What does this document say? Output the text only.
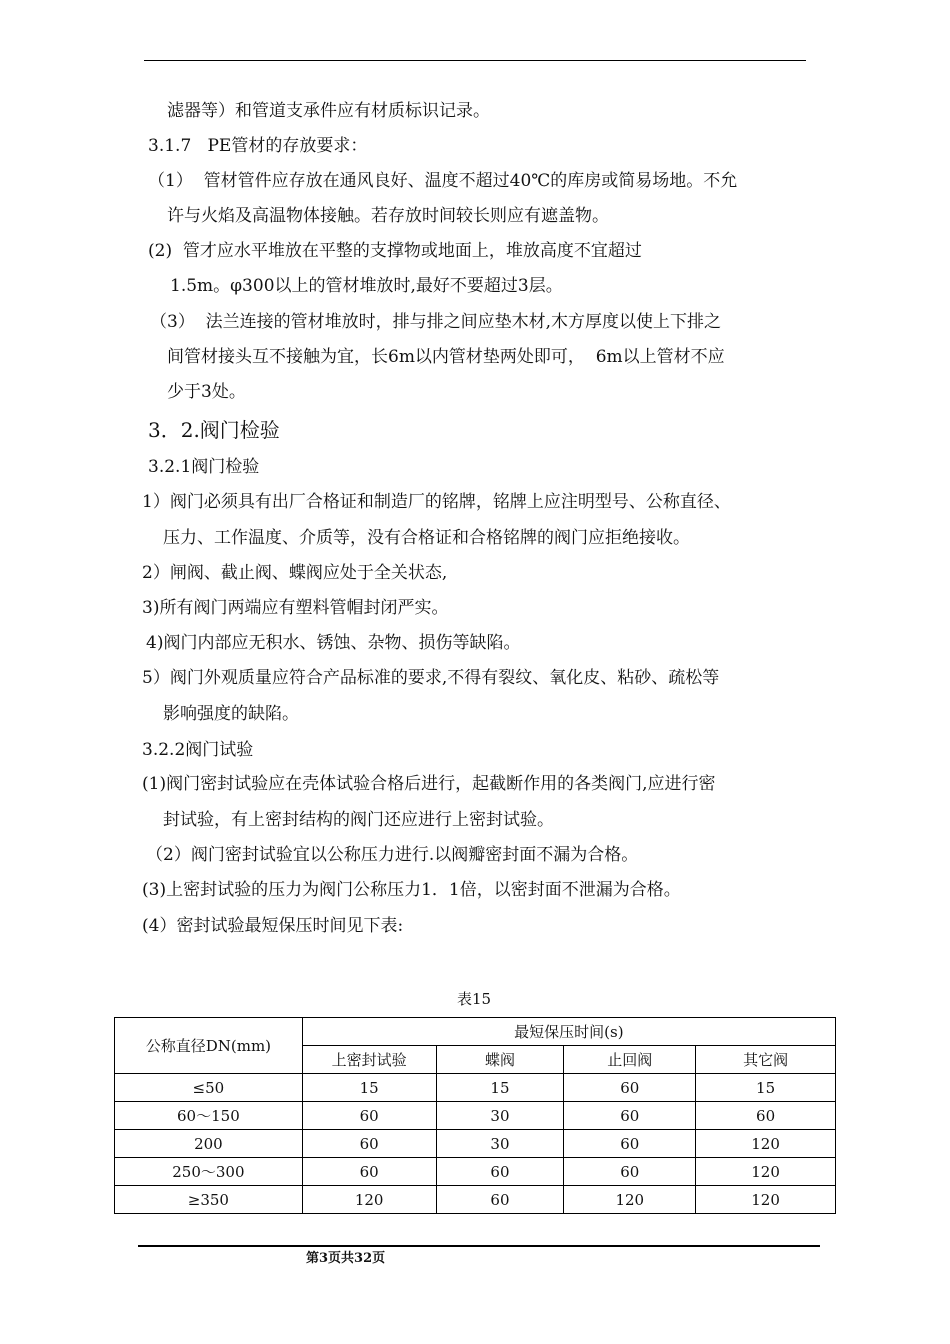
滤器等）和管道支承件应有材质标识记录。
3.1.7   PE管材的存放要求：
（1）  管材管件应存放在通风良好、温度不超过40℃的库房或简易场地。不允
许与火焰及高温物体接触。若存放时间较长则应有遮盖物。
(2)  管才应水平堆放在平整的支撑物或地面上，堆放高度不宜超过
1.5m。φ300以上的管材堆放时,最好不要超过3层。
（3）  法兰连接的管材堆放时，排与排之间应垫木材,木方厚度以使上下排之
间管材接头互不接触为宜，长6m以内管材垫两处即可，  6m以上管材不应
少于3处。
3．2.阀门检验
3.2.1阀门检验
1）阀门必须具有出厂合格证和制造厂的铭牌，铭牌上应注明型号、公称直径、
压力、工作温度、介质等，没有合格证和合格铭牌的阀门应拒绝接收。
2）闸阀、截止阀、蝶阀应处于全关状态,
3)所有阀门两端应有塑料管帽封闭严实。
4)阀门内部应无积水、锈蚀、杂物、损伤等缺陷。
5）阀门外观质量应符合产品标准的要求,不得有裂纹、氧化皮、粘砂、疏松等
影响强度的缺陷。
3.2.2阀门试验
(1)阀门密封试验应在壳体试验合格后进行，起截断作用的各类阀门,应进行密
封试验，有上密封结构的阀门还应进行上密封试验。
（2）阀门密封试验宜以公称压力进行.以阀瓣密封面不漏为合格。
(3)上密封试验的压力为阀门公称压力1．1倍，以密封面不泄漏为合格。
(4）密封试验最短保压时间见下表:
表15
公称直径DN(mm)	最短保压时间(s)			
	上密封试验	蝶阀	止回阀	其它阀
≤50	15	15	60	15
60～150	60	30	60	60
200	60	30	60	120
250～300	60	60	60	120
≥350	120	60	120	120
第3页共32页
